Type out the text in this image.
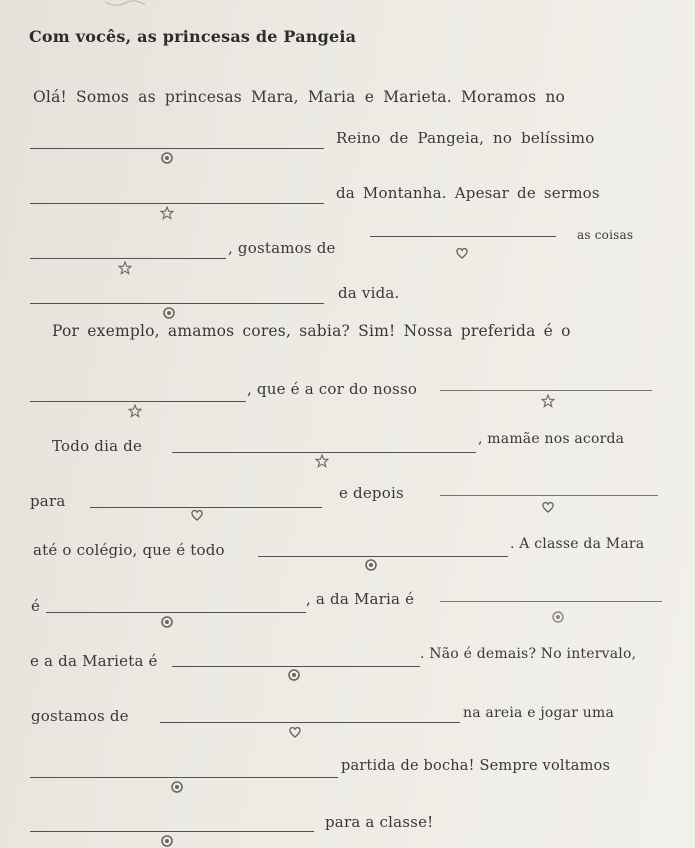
Com vocês, as princesas de Pangeia
Olá! Somos as princesas Mara, Maria e Marieta. Moramos no
Reino de Pangeia, no belíssimo
da Montanha. Apesar de sermos
, gostamos de
as coisas
da vida.
Por exemplo, amamos cores, sabia? Sim! Nossa preferida é o
, que é a cor do nosso
Todo dia de	, mamãe nos acorda
para	e depois
até o colégio, que é todo	. A classe da Mara
é	, a da Maria é
e a da Marieta é	. Não é demais? No intervalo,
gostamos de	na areia e jogar uma
partida de bocha! Sempre voltamos
para a classe!
